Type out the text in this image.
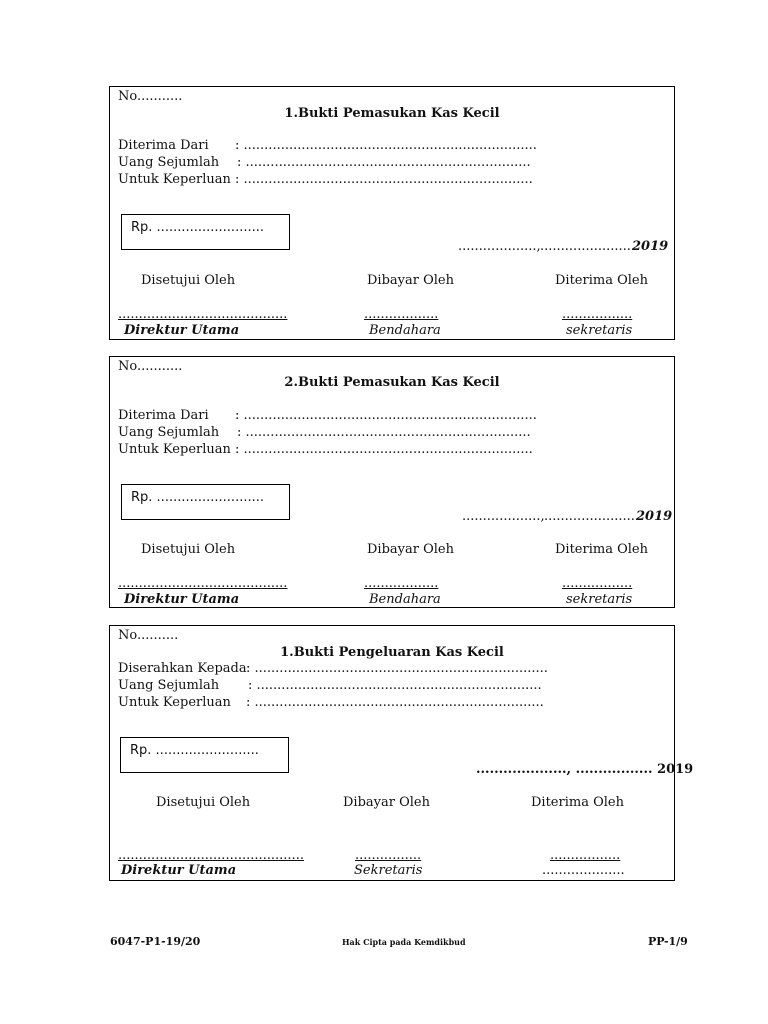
No...........
1.Bukti Pemasukan Kas Kecil
Diterima Dari : .......................................................................
Uang Sejumlah : .....................................................................
Untuk Keperluan : ......................................................................
Rp. ..........................
..................., ...................... 2019
Disetujui Oleh	Dibayar Oleh	Diterima Oleh
.........................................	..................	.................
Direktur Utama	Bendahara	sekretaris
No...........
2.Bukti Pemasukan Kas Kecil
Diterima Dari : .......................................................................
Uang Sejumlah : .....................................................................
Untuk Keperluan : ......................................................................
Rp. ..........................
..................., ...................... 2019
Disetujui Oleh	Dibayar Oleh	Diterima Oleh
.........................................	..................	.................
Direktur Utama	Bendahara	sekretaris
No..........
1.Bukti Pengeluaran Kas Kecil
Diserahkan Kepada : .......................................................................
Uang Sejumlah : .....................................................................
Untuk Keperluan : ......................................................................
Rp. .........................
...................., ................. 2019
Disetujui Oleh	Dibayar Oleh	Diterima Oleh
.............................................	................	.................
Direktur Utama	Sekretaris	....................
6047-P1-19/20	Hak Cipta pada Kemdikbud	PP-1/9
